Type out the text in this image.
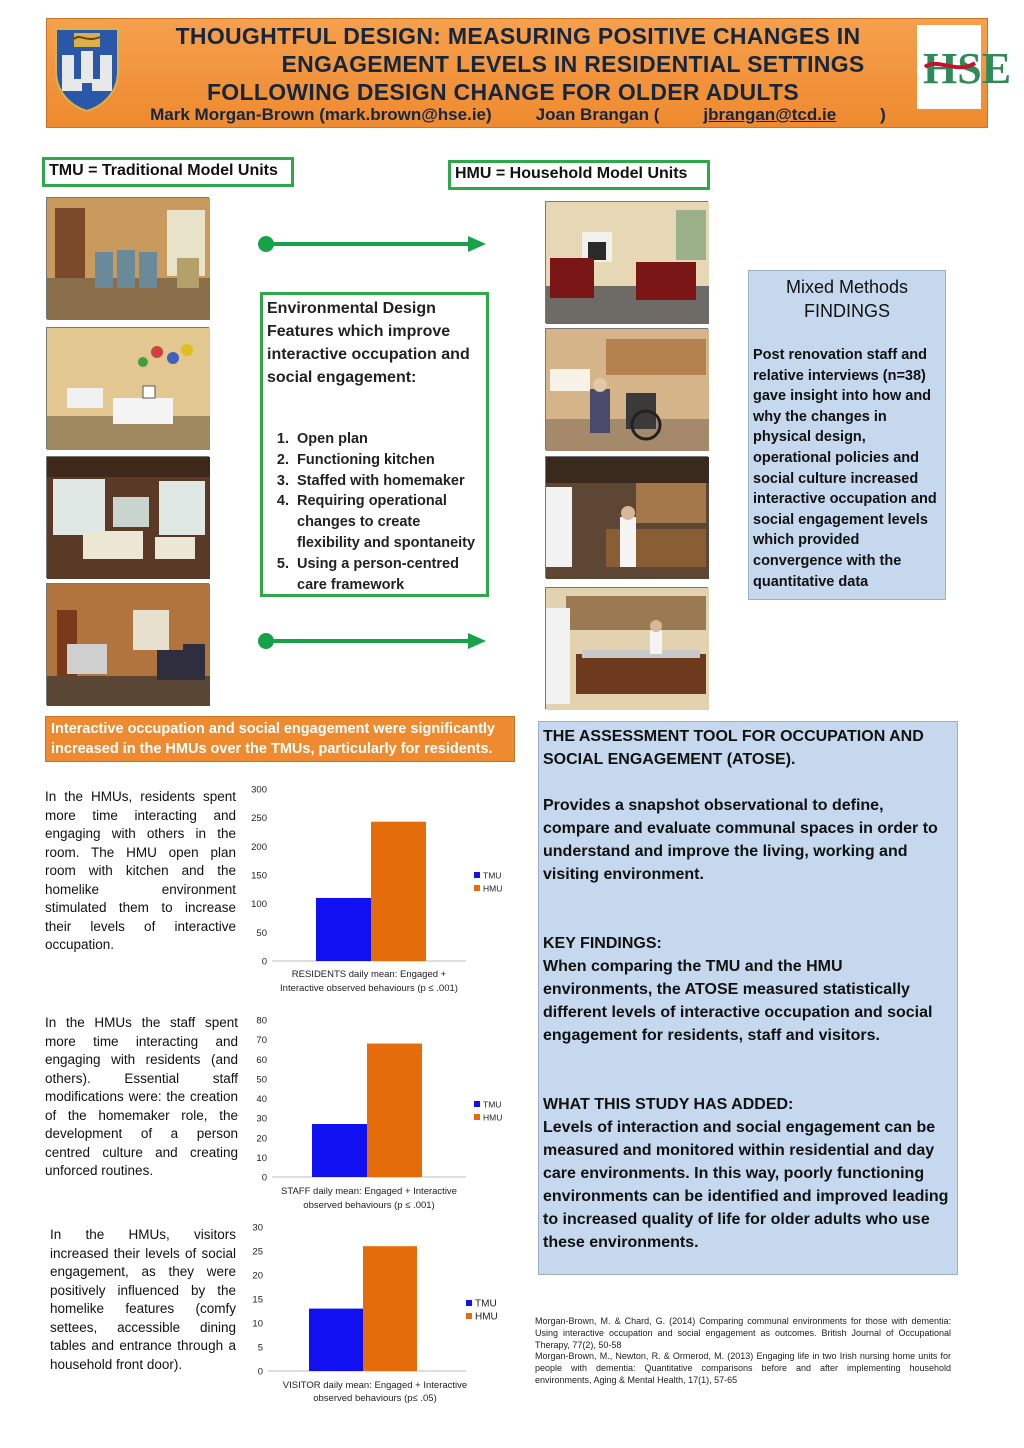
THOUGHTFUL DESIGN: MEASURING POSITIVE CHANGES IN
ENGAGEMENT LEVELS IN RESIDENTIAL SETTINGS
FOLLOWING DESIGN CHANGE FOR OLDER ADULTS
Mark Morgan-Brown (mark.brown@hse.ie)	Joan Brangan (	jbrangan@tcd.ie	)
HSE
TMU = Traditional Model Units	HMU = Household Model Units
Environmental Design Features which improve interactive occupation and social engagement:
1. Open plan
2. Functioning kitchen
3. Staffed with homemaker
4. Requiring operational changes to create flexibility and spontaneity
5. Using a person-centred care framework
Mixed Methods FINDINGS
Post renovation staff and relative interviews (n=38) gave insight into how and why the changes in physical design, operational policies and social culture increased interactive occupation and social engagement levels which provided convergence with the quantitative data
Interactive occupation and social engagement were significantly increased in the HMUs over the TMUs, particularly for residents.
In the HMUs, residents spent more time interacting and engaging with others in the room. The HMU open plan room with kitchen and the homelike environment stimulated them to increase their levels of interactive occupation.
In the HMUs the staff spent more time interacting and engaging with residents (and others). Essential staff modifications were: the creation of the homemaker role, the development of a person centred culture and creating unforced routines.
In the HMUs, visitors increased their levels of social engagement, as they were positively influenced by the homelike features (comfy settees, accessible dining tables and entrance through a household front door).
0
50
100
150
200
250
300
TMU
HMU
RESIDENTS daily mean: Engaged +
Interactive observed behaviours (p ≤ .001)
0
10
20
30
40
50
60
70
80
TMU
HMU
STAFF daily mean: Engaged + Interactive
observed behaviours (p ≤ .001)
0
5
10
15
20
25
30
TMU
HMU
VISITOR daily mean: Engaged + Interactive
observed behaviours (p≤ .05)

THE ASSESSMENT TOOL FOR OCCUPATION AND SOCIAL ENGAGEMENT (ATOSE).

Provides a snapshot observational to define, compare and evaluate communal spaces in order to understand and improve the living, working and visiting environment.

KEY FINDINGS:

When comparing the TMU and the HMU environments, the ATOSE measured statistically different levels of interactive occupation and social engagement for residents, staff and visitors.

WHAT THIS STUDY HAS ADDED:

Levels of interaction and social engagement can be measured and monitored within residential and day care environments. In this way, poorly functioning environments can be identified and improved leading to increased quality of life for older adults who use these environments.

Morgan-Brown, M. & Chard, G. (2014) Comparing communal environments for those with dementia: Using interactive occupation and social engagement as outcomes. British Journal of Occupational Therapy, 77(2), 50-58
Morgan-Brown, M., Newton, R. & Ormerod, M. (2013) Engaging life in two Irish nursing home units for people with dementia: Quantitative comparisons before and after implementing household environments, Aging & Mental Health, 17(1), 57-65
